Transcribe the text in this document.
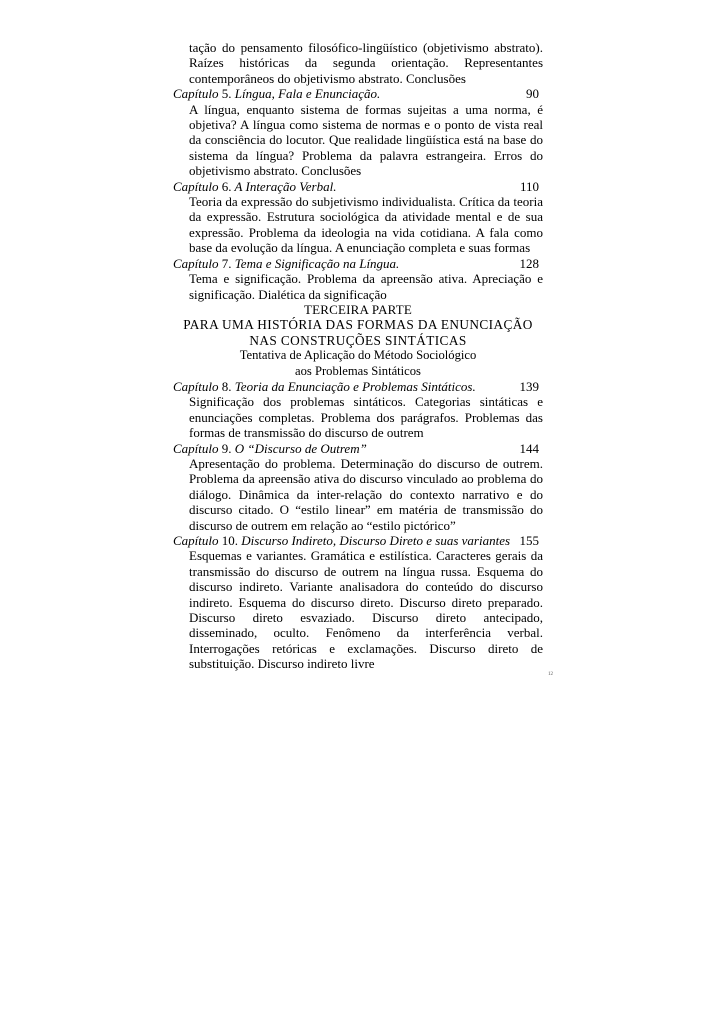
tação do pensamento filosófico-lingüístico (objetivismo abstrato). Raízes históricas da segunda orientação. Representantes contemporâneos do objetivismo abstrato. Conclusões
Capítulo 5. Língua, Fala e Enunciação.	90
A língua, enquanto sistema de formas sujeitas a uma norma, é objetiva? A língua como sistema de normas e o ponto de vista real da consciência do locutor. Que realidade lingüística está na base do sistema da língua? Problema da palavra estrangeira. Erros do objetivismo abstrato. Conclusões
Capítulo 6. A Interação Verbal.	110
Teoria da expressão do subjetivismo individualista. Crítica da teoria da expressão. Estrutura sociológica da atividade mental e de sua expressão. Problema da ideologia na vida cotidiana. A fala como base da evolução da língua. A enunciação completa e suas formas
Capítulo 7. Tema e Significação na Língua.	128
Tema e significação. Problema da apreensão ativa. Apreciação e significação. Dialética da significação
TERCEIRA PARTE
PARA UMA HISTÓRIA DAS FORMAS DA ENUNCIAÇÃO
NAS CONSTRUÇÕES SINTÁTICAS
Tentativa de Aplicação do Método Sociológico
aos Problemas Sintáticos
Capítulo 8. Teoria da Enunciação e Problemas Sintáticos.	139
Significação dos problemas sintáticos. Categorias sintáticas e enunciações completas. Problema dos parágrafos. Problemas das formas de transmissão do discurso de outrem
Capítulo 9. O “Discurso de Outrem”	144
Apresentação do problema. Determinação do discurso de outrem. Problema da apreensão ativa do discurso vinculado ao problema do diálogo. Dinâmica da inter-relação do contexto narrativo e do discurso citado. O “estilo linear” em matéria de transmissão do discurso de outrem em relação ao “estilo pictórico”
Capítulo 10. Discurso Indireto, Discurso Direto e suas variantes 155
Esquemas e variantes. Gramática e estilística. Caracteres gerais da transmissão do discurso de outrem na língua russa. Esquema do discurso indireto. Variante analisadora do conteúdo do discurso indireto. Esquema do discurso direto. Discurso direto preparado. Discurso direto esvaziado. Discurso direto antecipado, disseminado, oculto. Fenômeno da interferência verbal. Interrogações retóricas e exclamações. Discurso direto de substituição. Discurso indireto livre
12
